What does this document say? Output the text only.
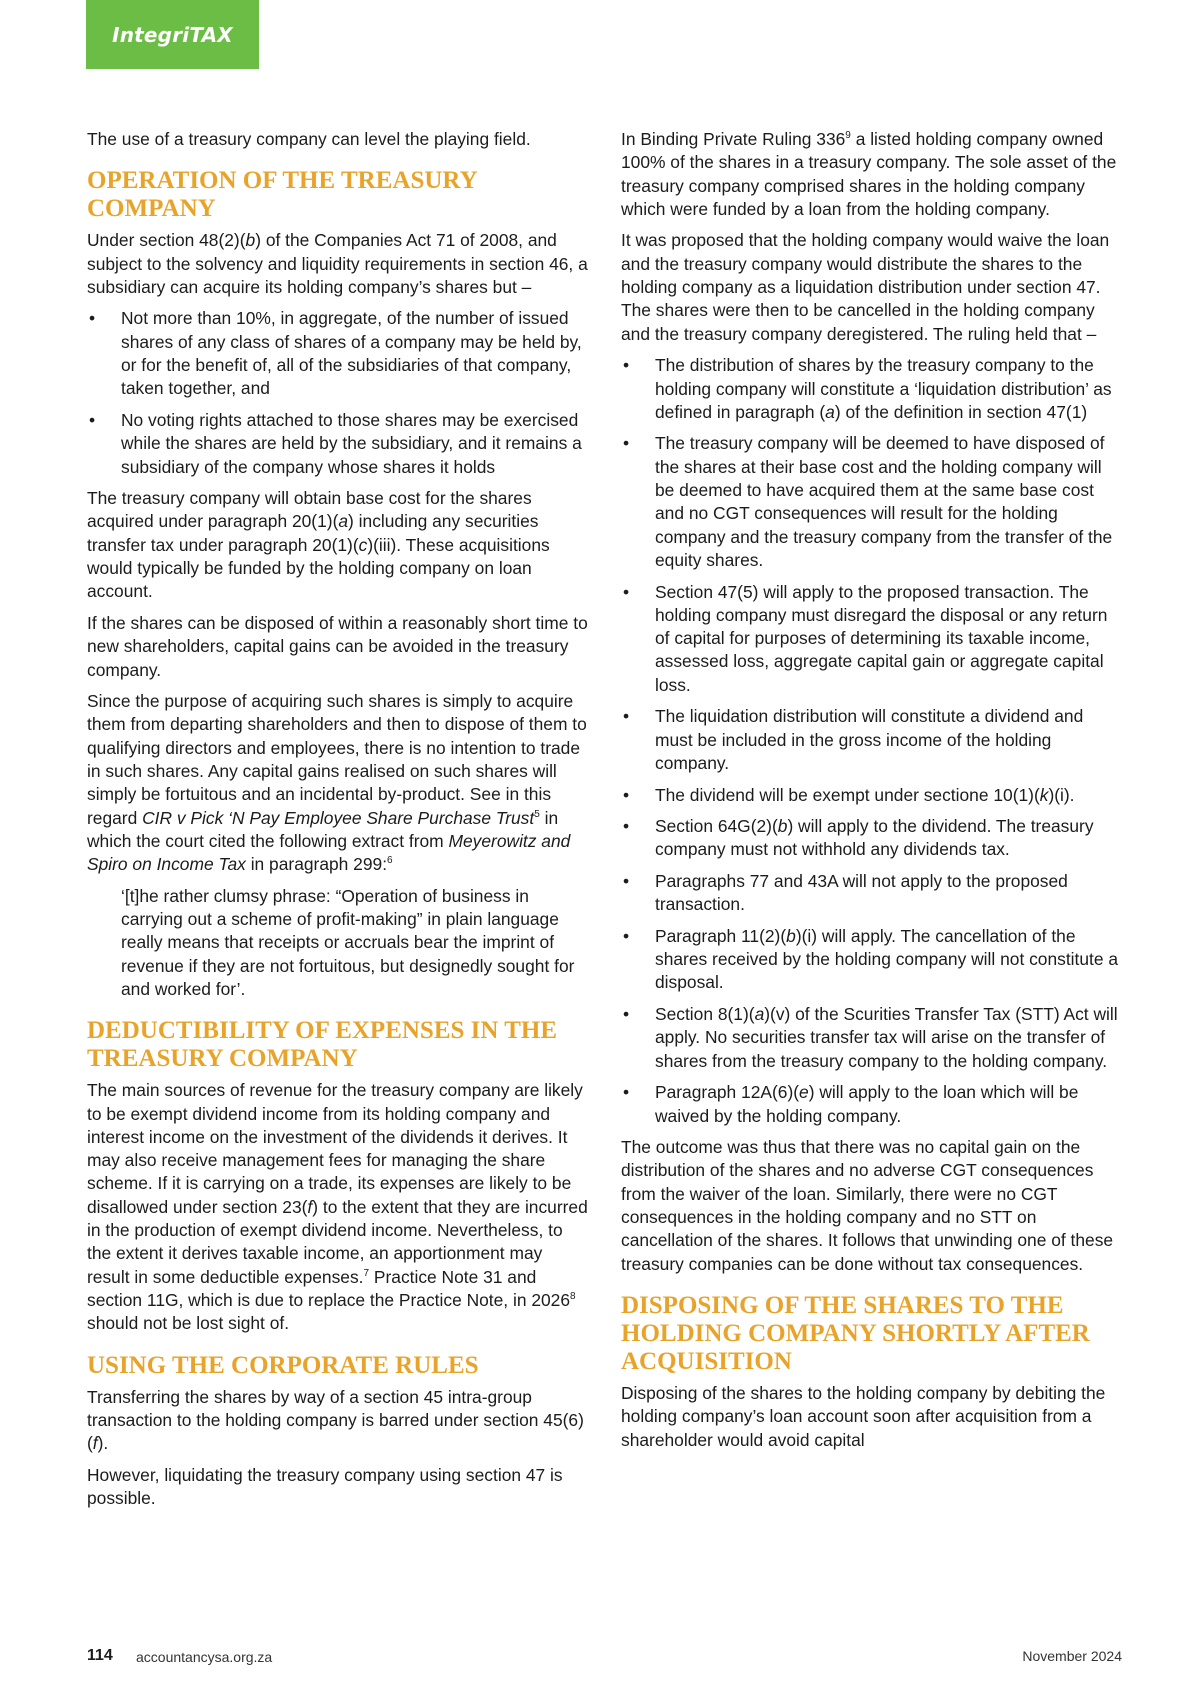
IntegriTAX

The use of a treasury company can level the playing field.

OPERATION OF THE TREASURY COMPANY

Under section 48(2)(b) of the Companies Act 71 of 2008, and subject to the solvency and liquidity requirements in section 46, a subsidiary can acquire its holding company’s shares but –

• Not more than 10%, in aggregate, of the number of issued shares of any class of shares of a company may be held by, or for the benefit of, all of the subsidiaries of that company, taken together, and
• No voting rights attached to those shares may be exercised while the shares are held by the subsidiary, and it remains a subsidiary of the company whose shares it holds

The treasury company will obtain base cost for the shares acquired under paragraph 20(1)(a) including any securities transfer tax under paragraph 20(1)(c)(iii). These acquisitions would typically be funded by the holding company on loan account.

If the shares can be disposed of within a reasonably short time to new shareholders, capital gains can be avoided in the treasury company.

Since the purpose of acquiring such shares is simply to acquire them from departing shareholders and then to dispose of them to qualifying directors and employees, there is no intention to trade in such shares. Any capital gains realised on such shares will simply be fortuitous and an incidental by-product. See in this regard CIR v Pick ‘N Pay Employee Share Purchase Trust$^5$ in which the court cited the following extract from Meyerowitz and Spiro on Income Tax in paragraph 299:$^6$

‘[t]he rather clumsy phrase: “Operation of business in carrying out a scheme of profit-making” in plain language really means that receipts or accruals bear the imprint of revenue if they are not fortuitous, but designedly sought for and worked for’.

DEDUCTIBILITY OF EXPENSES IN THE TREASURY COMPANY

The main sources of revenue for the treasury company are likely to be exempt dividend income from its holding company and interest income on the investment of the dividends it derives. It may also receive management fees for managing the share scheme. If it is carrying on a trade, its expenses are likely to be disallowed under section 23(f) to the extent that they are incurred in the production of exempt dividend income. Nevertheless, to the extent it derives taxable income, an apportionment may result in some deductible expenses.$^7$ Practice Note 31 and section 11G, which is due to replace the Practice Note, in 2026$^8$ should not be lost sight of.

USING THE CORPORATE RULES

Transferring the shares by way of a section 45 intra-group transaction to the holding company is barred under section 45(6)(f).

However, liquidating the treasury company using section 47 is possible.

In Binding Private Ruling $336^9$ a listed holding company owned 100% of the shares in a treasury company. The sole asset of the treasury company comprised shares in the holding company which were funded by a loan from the holding company.

It was proposed that the holding company would waive the loan and the treasury company would distribute the shares to the holding company as a liquidation distribution under section 47. The shares were then to be cancelled in the holding company and the treasury company deregistered. The ruling held that –

• The distribution of shares by the treasury company to the holding company will constitute a ‘liquidation distribution’ as defined in paragraph (a) of the definition in section 47(1)
• The treasury company will be deemed to have disposed of the shares at their base cost and the holding company will be deemed to have acquired them at the same base cost and no CGT consequences will result for the holding company and the treasury company from the transfer of the equity shares.
• Section 47(5) will apply to the proposed transaction. The holding company must disregard the disposal or any return of capital for purposes of determining its taxable income, assessed loss, aggregate capital gain or aggregate capital loss.
• The liquidation distribution will constitute a dividend and must be included in the gross income of the holding company.
• The dividend will be exempt under sectione 10(1)(k)(i).
• Section 64G(2)(b) will apply to the dividend. The treasury company must not withhold any dividends tax.
• Paragraphs 77 and 43A will not apply to the proposed transaction.
• Paragraph 11(2)(b)(i) will apply. The cancellation of the shares received by the holding company will not constitute a disposal.
• Section 8(1)(a)(v) of the Scurities Transfer Tax (STT) Act will apply. No securities transfer tax will arise on the transfer of shares from the treasury company to the holding company.
• Paragraph 12A(6)(e) will apply to the loan which will be waived by the holding company.

The outcome was thus that there was no capital gain on the distribution of the shares and no adverse CGT consequences from the waiver of the loan. Similarly, there were no CGT consequences in the holding company and no STT on cancellation of the shares. It follows that unwinding one of these treasury companies can be done without tax consequences.

DISPOSING OF THE SHARES TO THE HOLDING COMPANY SHORTLY AFTER ACQUISITION

Disposing of the shares to the holding company by debiting the holding company’s loan account soon after acquisition from a shareholder would avoid capital

114 accountancysa.org.za	November 2024
